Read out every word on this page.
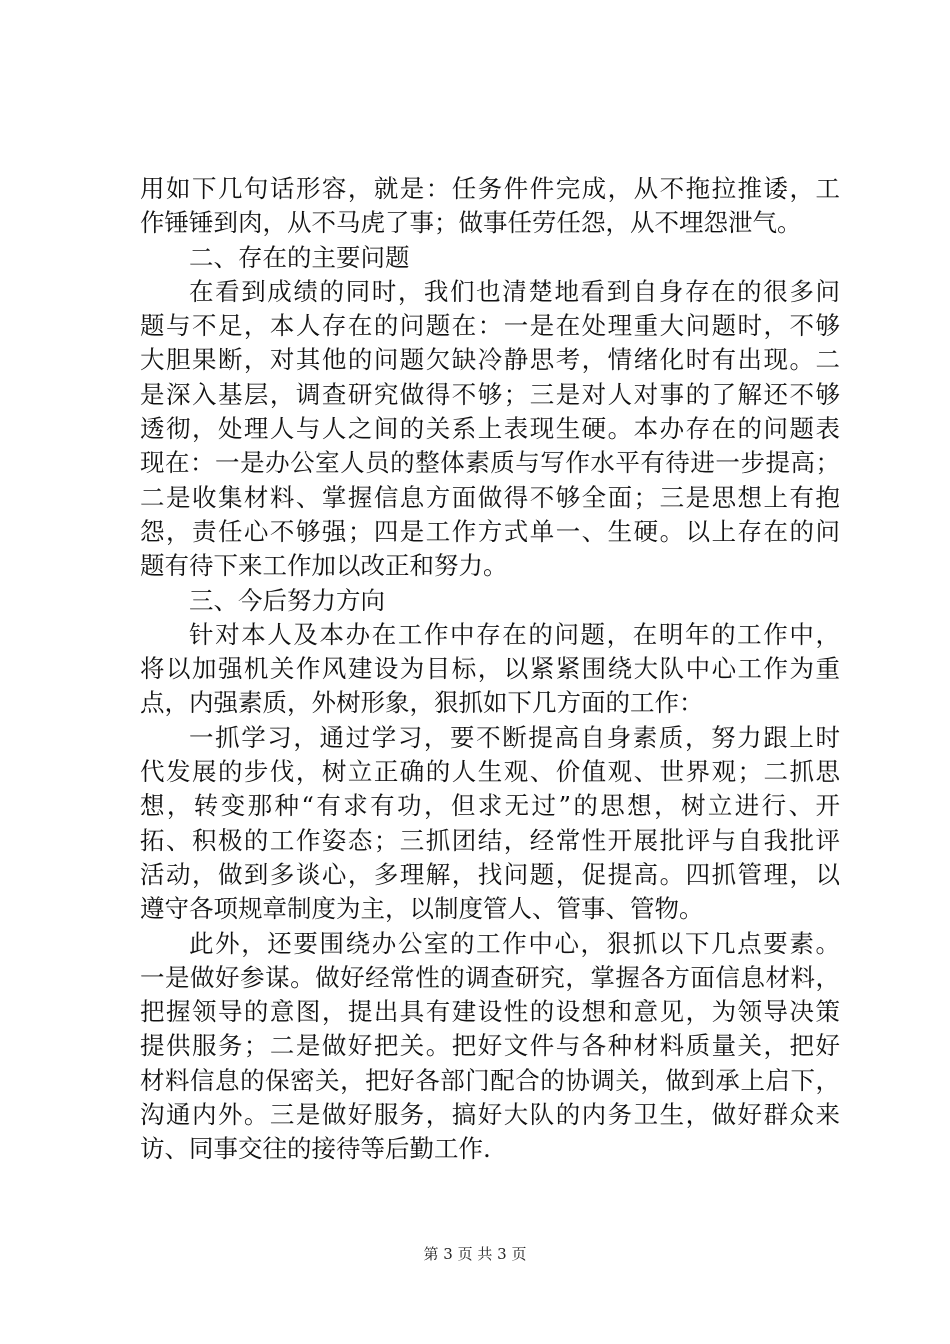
用如下几句话形容，就是：任务件件完成，从不拖拉推诿，工
作锤锤到肉，从不马虎了事；做事任劳任怨，从不埋怨泄气。
二、存在的主要问题
在看到成绩的同时，我们也清楚地看到自身存在的很多问
题与不足，本人存在的问题在：一是在处理重大问题时，不够
大胆果断，对其他的问题欠缺冷静思考，情绪化时有出现。二
是深入基层，调查研究做得不够；三是对人对事的了解还不够
透彻，处理人与人之间的关系上表现生硬。本办存在的问题表
现在：一是办公室人员的整体素质与写作水平有待进一步提高；
二是收集材料、掌握信息方面做得不够全面；三是思想上有抱
怨，责任心不够强；四是工作方式单一、生硬。以上存在的问
题有待下来工作加以改正和努力。
三、今后努力方向
针对本人及本办在工作中存在的问题，在明年的工作中，
将以加强机关作风建设为目标，以紧紧围绕大队中心工作为重
点，内强素质，外树形象，狠抓如下几方面的工作：
一抓学习，通过学习，要不断提高自身素质，努力跟上时
代发展的步伐，树立正确的人生观、价值观、世界观；二抓思
想，转变那种“有求有功，但求无过”的思想，树立进行、开
拓、积极的工作姿态；三抓团结，经常性开展批评与自我批评
活动，做到多谈心，多理解，找问题，促提高。四抓管理，以
遵守各项规章制度为主，以制度管人、管事、管物。
此外，还要围绕办公室的工作中心，狠抓以下几点要素。
一是做好参谋。做好经常性的调查研究，掌握各方面信息材料，
把握领导的意图，提出具有建设性的设想和意见，为领导决策
提供服务；二是做好把关。把好文件与各种材料质量关，把好
材料信息的保密关，把好各部门配合的协调关，做到承上启下，
沟通内外。三是做好服务，搞好大队的内务卫生，做好群众来
访、同事交往的接待等后勤工作.
第 3 页 共 3 页
